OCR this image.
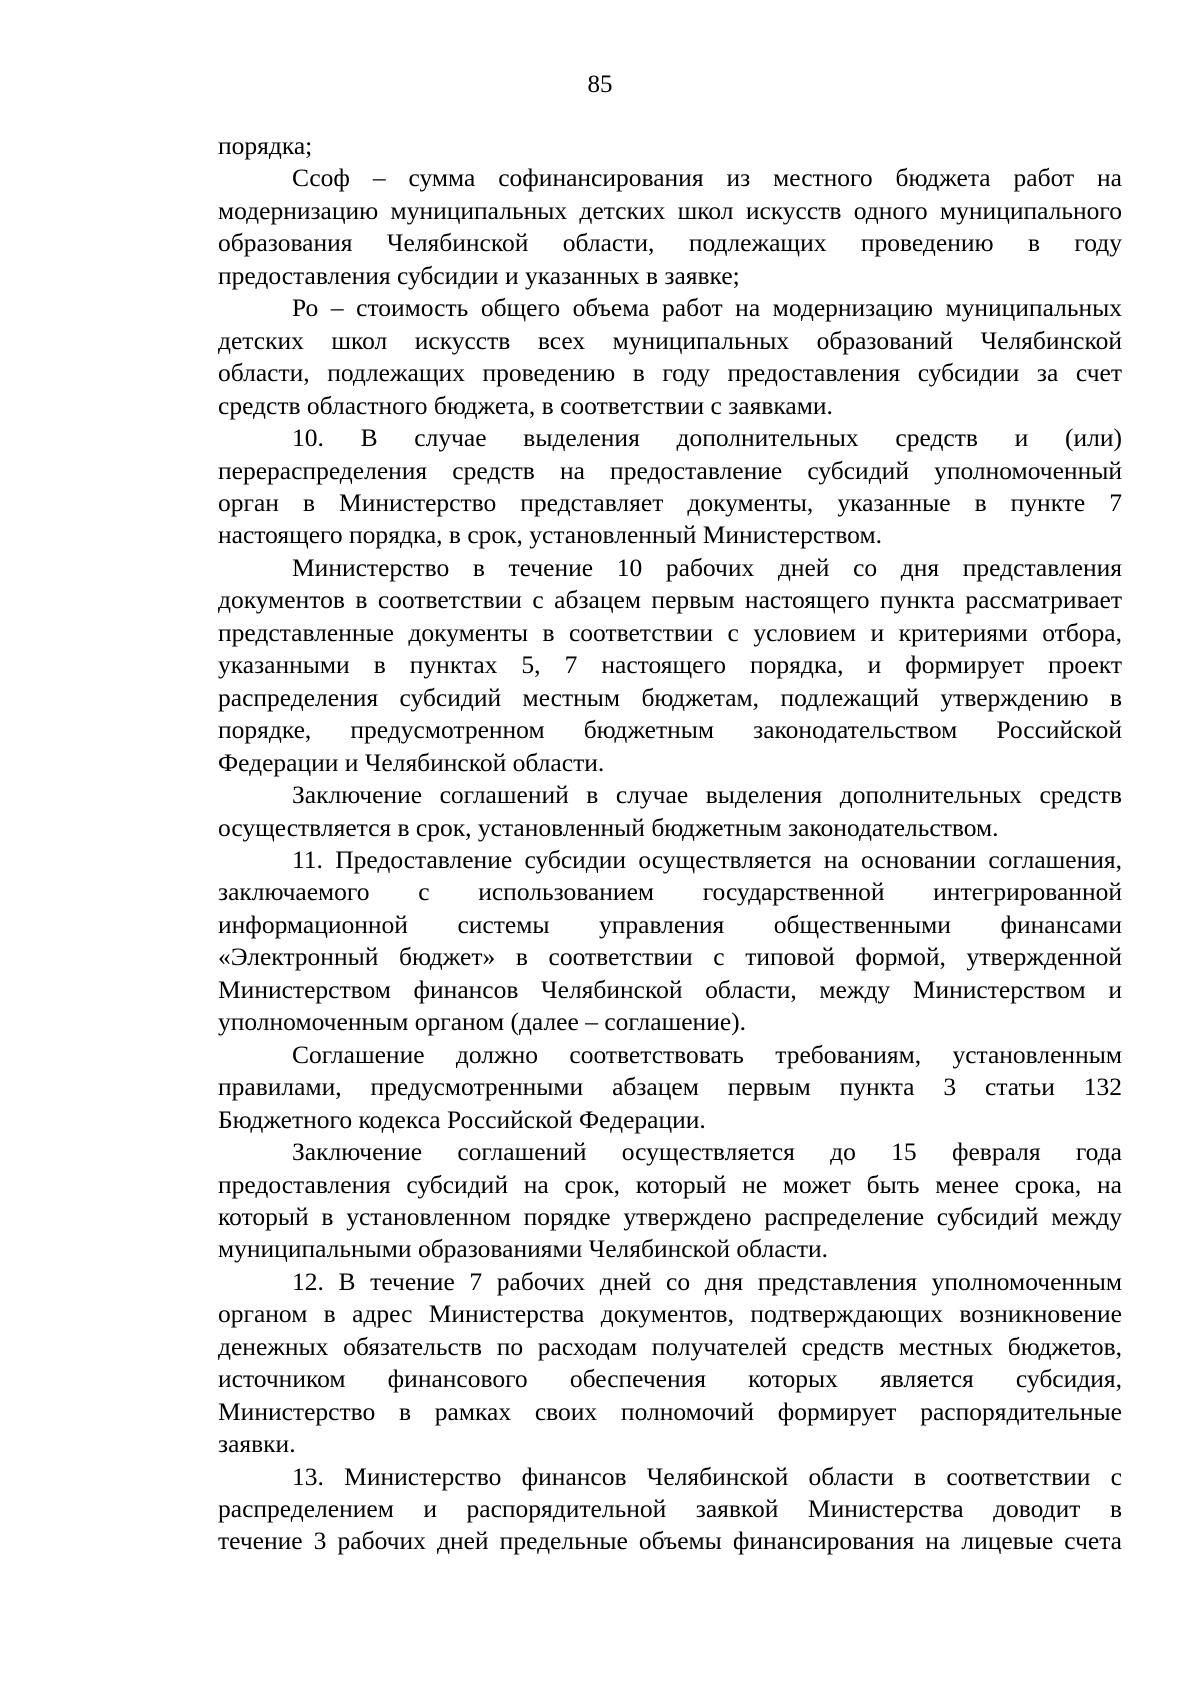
85
порядка;
Ссоф – сумма софинансирования из местного бюджета работ на
модернизацию муниципальных детских школ искусств одного муниципального
образования Челябинской области, подлежащих проведению в году
предоставления субсидии и указанных в заявке;
Ро – стоимость общего объема работ на модернизацию муниципальных
детских школ искусств всех муниципальных образований Челябинской
области, подлежащих проведению в году предоставления субсидии за счет
средств областного бюджета, в соответствии с заявками.
10. В случае выделения дополнительных средств и (или)
перераспределения средств на предоставление субсидий уполномоченный
орган в Министерство представляет документы, указанные в пункте 7
настоящего порядка, в срок, установленный Министерством.
Министерство в течение 10 рабочих дней со дня представления
документов в соответствии с абзацем первым настоящего пункта рассматривает
представленные документы в соответствии с условием и критериями отбора,
указанными в пунктах 5, 7 настоящего порядка, и формирует проект
распределения субсидий местным бюджетам, подлежащий утверждению в
порядке, предусмотренном бюджетным законодательством Российской
Федерации и Челябинской области.
Заключение соглашений в случае выделения дополнительных средств
осуществляется в срок, установленный бюджетным законодательством.
11. Предоставление субсидии осуществляется на основании соглашения,
заключаемого с использованием государственной интегрированной
информационной системы управления общественными финансами
«Электронный бюджет» в соответствии с типовой формой, утвержденной
Министерством финансов Челябинской области, между Министерством и
уполномоченным органом (далее – соглашение).
Соглашение должно соответствовать требованиям, установленным
правилами, предусмотренными абзацем первым пункта 3 статьи 132
Бюджетного кодекса Российской Федерации.
Заключение соглашений осуществляется до 15 февраля года
предоставления субсидий на срок, который не может быть менее срока, на
который в установленном порядке утверждено распределение субсидий между
муниципальными образованиями Челябинской области.
12. В течение 7 рабочих дней со дня представления уполномоченным
органом в адрес Министерства документов, подтверждающих возникновение
денежных обязательств по расходам получателей средств местных бюджетов,
источником финансового обеспечения которых является субсидия,
Министерство в рамках своих полномочий формирует распорядительные
заявки.
13. Министерство финансов Челябинской области в соответствии с
распределением и распорядительной заявкой Министерства доводит в
течение 3 рабочих дней предельные объемы финансирования на лицевые счета
